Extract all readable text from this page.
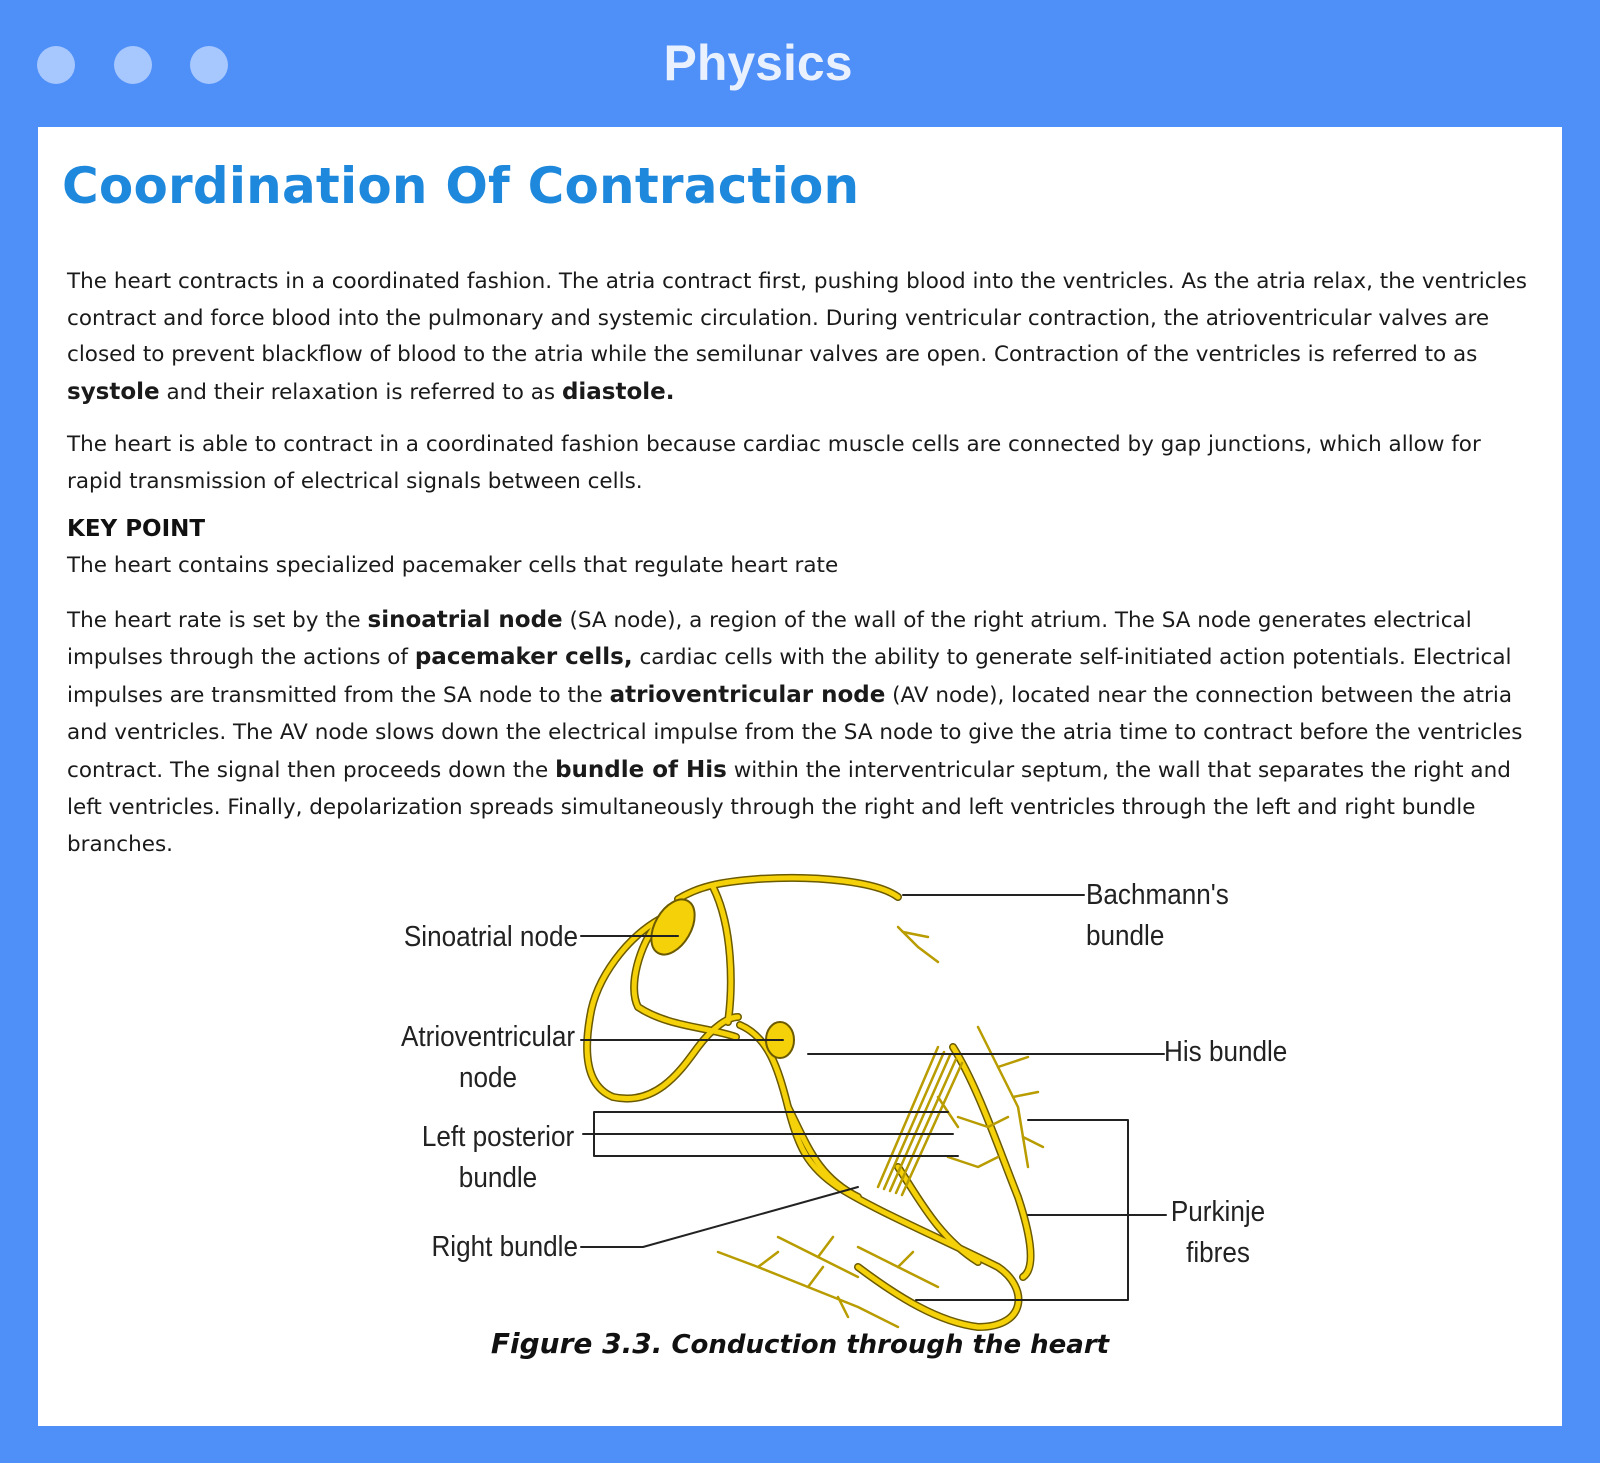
Physics
Coordination Of Contraction
The heart contracts in a coordinated fashion. The atria contract first, pushing blood into the ventricles. As the atria relax, the ventricles contract and force blood into the pulmonary and systemic circulation. During ventricular contraction, the atrioventricular valves are closed to prevent blackflow of blood to the atria while the semilunar valves are open. Contraction of the ventricles is referred to as systole and their relaxation is referred to as diastole.
The heart is able to contract in a coordinated fashion because cardiac muscle cells are connected by gap junctions, which allow for rapid transmission of electrical signals between cells.
KEY POINT
The heart contains specialized pacemaker cells that regulate heart rate
The heart rate is set by the sinoatrial node (SA node), a region of the wall of the right atrium. The SA node generates electrical impulses through the actions of pacemaker cells, cardiac cells with the ability to generate self-initiated action potentials. Electrical impulses are transmitted from the SA node to the atrioventricular node (AV node), located near the connection between the atria and ventricles. The AV node slows down the electrical impulse from the SA node to give the atria time to contract before the ventricles contract. The signal then proceeds down the bundle of His within the interventricular septum, the wall that separates the right and left ventricles. Finally, depolarization spreads simultaneously through the right and left ventricles through the left and right bundle branches.
Sinoatrial node
Atrioventricular
node
Left posterior
bundle
Right bundle
Bachmann's
bundle
His bundle
Purkinje
fibres
Figure 3.3. Conduction through the heart
